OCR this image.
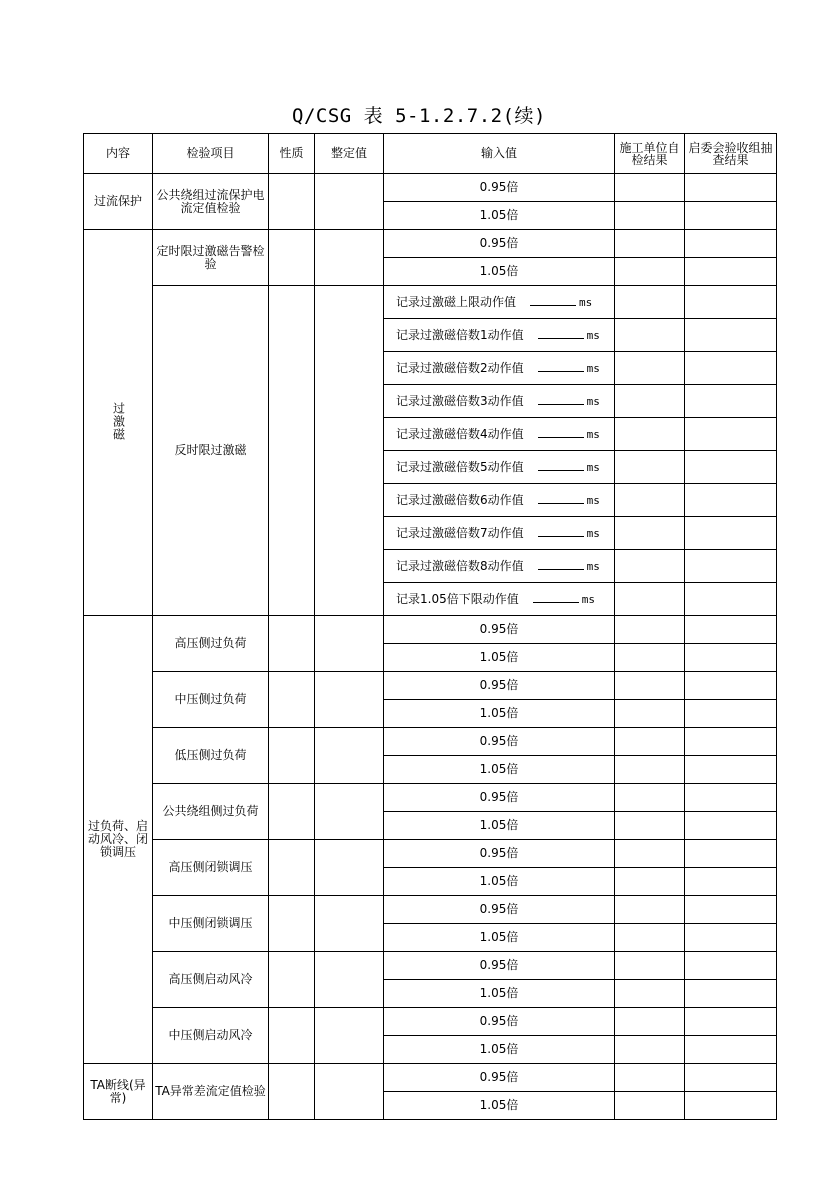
Q/CSG 表 5-1.2.7.2(续)
内容	检验项目	性质	整定值	输入值	施工单位自检结果	启委会验收组抽查结果
过流保护	公共绕组过流保护电流定值检验			0.95倍		
				1.05倍		
过激磁	定时限过激磁告警检验			0.95倍		
				1.05倍		
	反时限过激磁			记录过激磁上限动作值 ms		
				记录过激磁倍数1动作值 ms		
				记录过激磁倍数2动作值 ms		
				记录过激磁倍数3动作值 ms		
				记录过激磁倍数4动作值 ms		
				记录过激磁倍数5动作值 ms		
				记录过激磁倍数6动作值 ms		
				记录过激磁倍数7动作值 ms		
				记录过激磁倍数8动作值 ms		
				记录1.05倍下限动作值 ms		
过负荷、启动风冷、闭锁调压	高压侧过负荷			0.95倍		
				1.05倍		
	中压侧过负荷			0.95倍		
				1.05倍		
	低压侧过负荷			0.95倍		
				1.05倍		
	公共绕组侧过负荷			0.95倍		
				1.05倍		
	高压侧闭锁调压			0.95倍		
				1.05倍		
	中压侧闭锁调压			0.95倍		
				1.05倍		
	高压侧启动风冷			0.95倍		
				1.05倍		
	中压侧启动风冷			0.95倍		
				1.05倍		
TA断线(异常)	TA异常差流定值检验			0.95倍		
				1.05倍		
